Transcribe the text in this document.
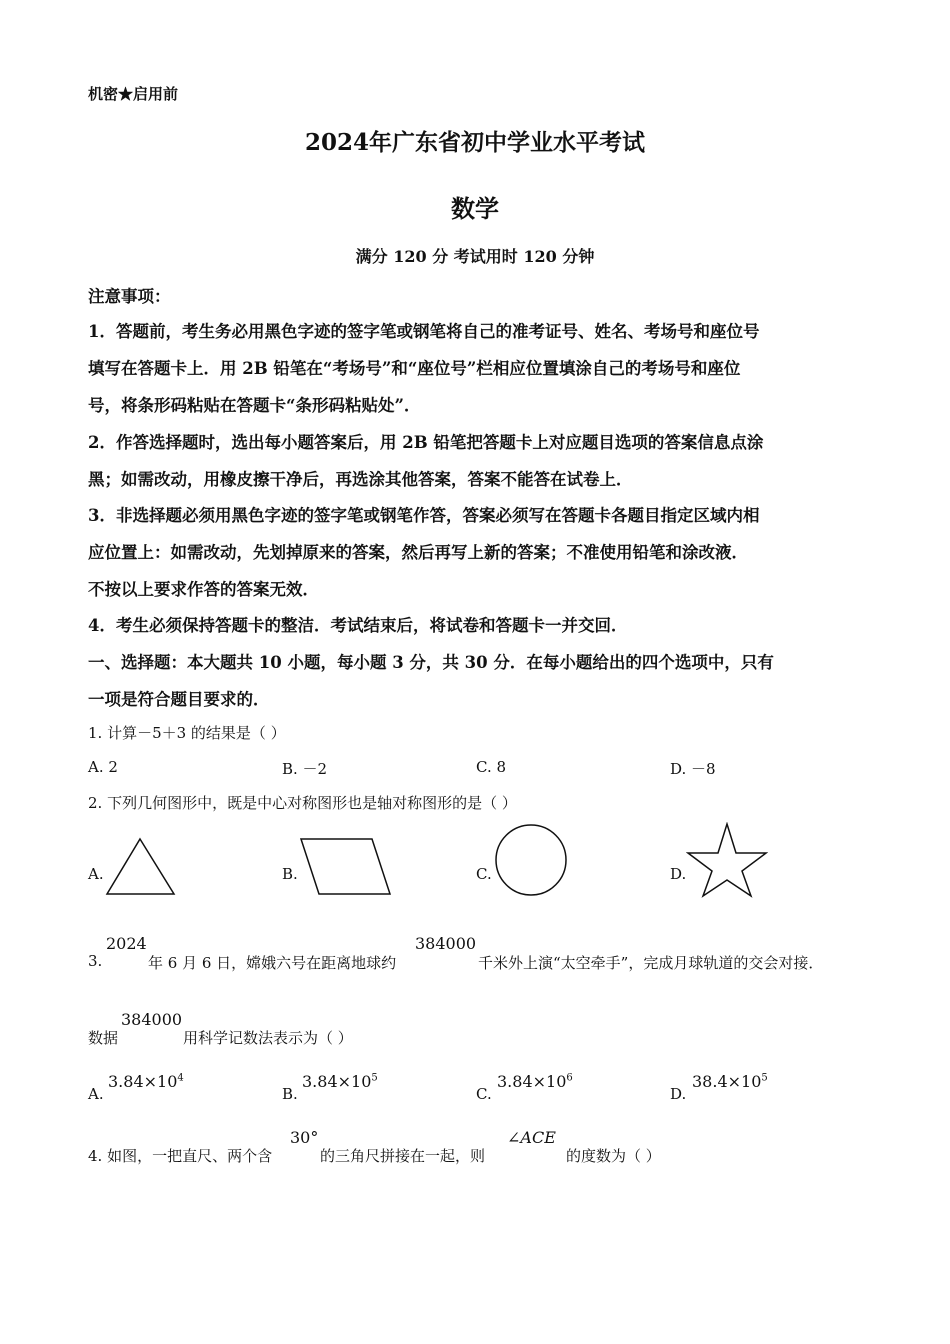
机密★启用前
2024年广东省初中学业水平考试
数学
满分 120 分 考试用时 120 分钟
注意事项：
1．答题前，考生务必用黑色字迹的签字笔或钢笔将自己的准考证号、姓名、考场号和座位号
填写在答题卡上．用 2B 铅笔在“考场号”和“座位号”栏相应位置填涂自己的考场号和座位
号，将条形码粘贴在答题卡“条形码粘贴处”．
2．作答选择题时，选出每小题答案后，用 2B 铅笔把答题卡上对应题目选项的答案信息点涂
黑；如需改动，用橡皮擦干净后，再选涂其他答案，答案不能答在试卷上．
3．非选择题必须用黑色字迹的签字笔或钢笔作答，答案必须写在答题卡各题目指定区域内相
应位置上：如需改动，先划掉原来的答案，然后再写上新的答案；不准使用铅笔和涂改液．
不按以上要求作答的答案无效．
4．考生必须保持答题卡的整洁．考试结束后，将试卷和答题卡一并交回．
一、选择题：本大题共 10 小题，每小题 3 分，共 30 分．在每小题给出的四个选项中，只有
一项是符合题目要求的．
1. 计算－5＋3 的结果是（ ）
A. 2	B. －2	C. 8	D. －8
2. 下列几何图形中，既是中心对称图形也是轴对称图形的是（ ）
A.	B.	C.	D.
3.
2024
年 6 月 6 日，嫦娥六号在距离地球约
384000
千米外上演“太空牵手”，完成月球轨道的交会对接．
数据
384000
用科学记数法表示为（ ）
A.
$3.84\times 10^4$
B.
$3.84\times 10^5$
C.
$3.84\times 10^6$
D.
$38.4\times 10^5$
4. 如图，一把直尺、两个含
30°
的三角尺拼接在一起，则
∠ACE
的度数为（ ）
